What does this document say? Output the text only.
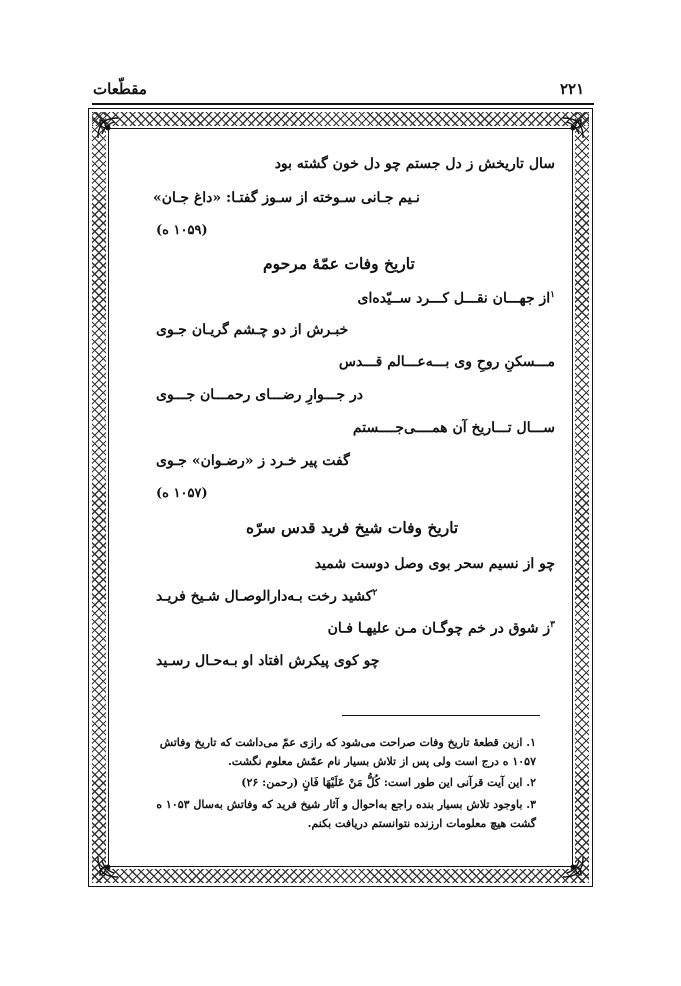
مقطّعات	۲۲۱
سال تاریخش ز دل جستم چو دل خون گشته بود
نـیم جـانی سـوخته از سـوز گفتـا: «داغ جـان»
(۱۰۵۹ ه)
تاریخ وفات عمّهٔ مرحوم
$^۱$از جهـــان نقـــل کـــرد ســیّده‌ای
خبـرش از دو چـشم گریـان جـوی
مـــسکنِ روحِ وی بـــه‌عـــالم قـــدس
در جـــوارِ رضـــای رحمـــان جـــوی
ســـال تـــاریخ آن همــــی‌جــــستم
گفت پیر خـرد ز «رضـوان» جـوی
(۱۰۵۷ ه)
تاریخ وفات شیخ فرید قدس سرّه
چو از نسیم سحر بوی وصل دوست شمید
$^۲$کشید رخت بـه‌دارالوصـال شـیخ فریـد
$^۳$ز شوق در خم چوگـان مـن علیهـا فـان
چو کوی پیکرش افتاد او بـه‌حـال رسـید
۱. ازین قطعهٔ تاریخ وفات صراحت می‌شود که رازی عمّ می‌داشت که تاریخ وفاتش ۱۰۵۷ ه درج است ولی پس از تلاش بسیار نام عمّش معلوم نگشت.
۲. این آیت قرآنی این طور است: کُلُّ مَنْ عَلَیْهَا فَانٍ (رحمن: ۲۶)
۳. باوجود تلاش بسیار بنده راجع به‌احوال و آثار شیخ فرید که وفاتش به‌سال ۱۰۵۳ ه گشت هیچ معلومات ارزنده نتوانستم دریافت بکنم.
